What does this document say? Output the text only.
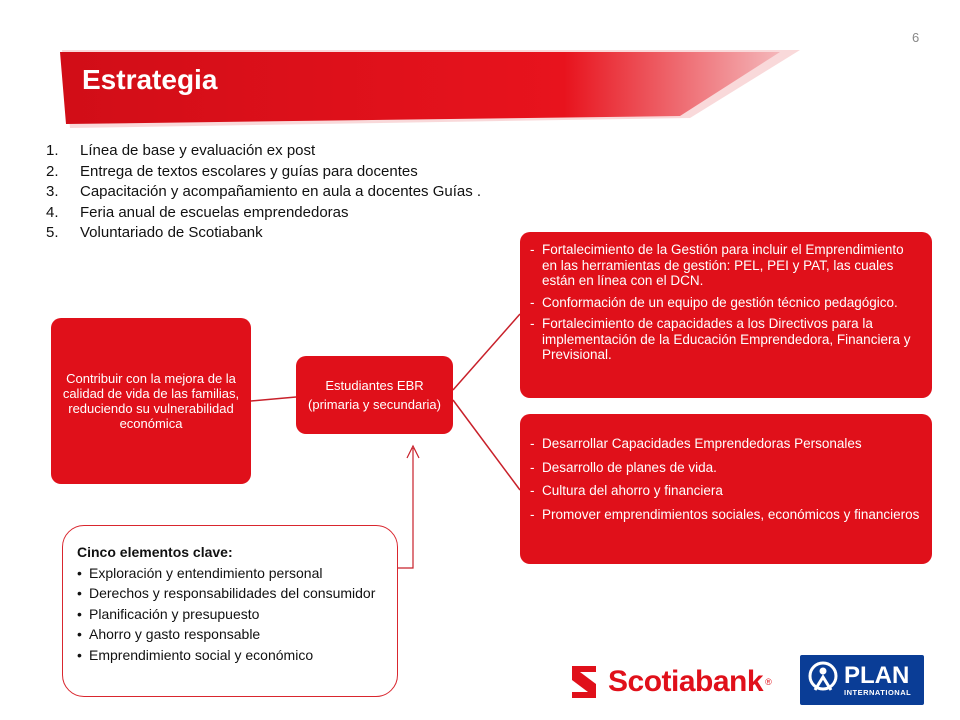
6
Estrategia
1. Línea de base y evaluación ex post
2. Entrega de textos escolares y guías para docentes
3. Capacitación y acompañamiento en aula a docentes Guías .
4. Feria anual de escuelas emprendedoras
5. Voluntariado de Scotiabank
Contribuir con la mejora de la calidad de vida de las familias, reduciendo su vulnerabilidad económica
Estudiantes EBR
(primaria y secundaria)
- Fortalecimiento de la Gestión para incluir el Emprendimiento en las herramientas de gestión: PEL, PEI y PAT, las cuales están en línea con el DCN.
- Conformación de un equipo de gestión técnico pedagógico.
- Fortalecimiento de capacidades a los Directivos para la implementación de la Educación Emprendedora, Financiera y Previsional.
- Desarrollar Capacidades Emprendedoras Personales
- Desarrollo de planes de vida.
- Cultura del ahorro y financiera
- Promover emprendimientos sociales, económicos y financieros
Cinco elementos clave:
• Exploración y entendimiento personal
• Derechos y responsabilidades del consumidor
• Planificación y presupuesto
• Ahorro y gasto responsable
• Emprendimiento social y económico
Scotiabank ®	PLAN
INTERNATIONAL
